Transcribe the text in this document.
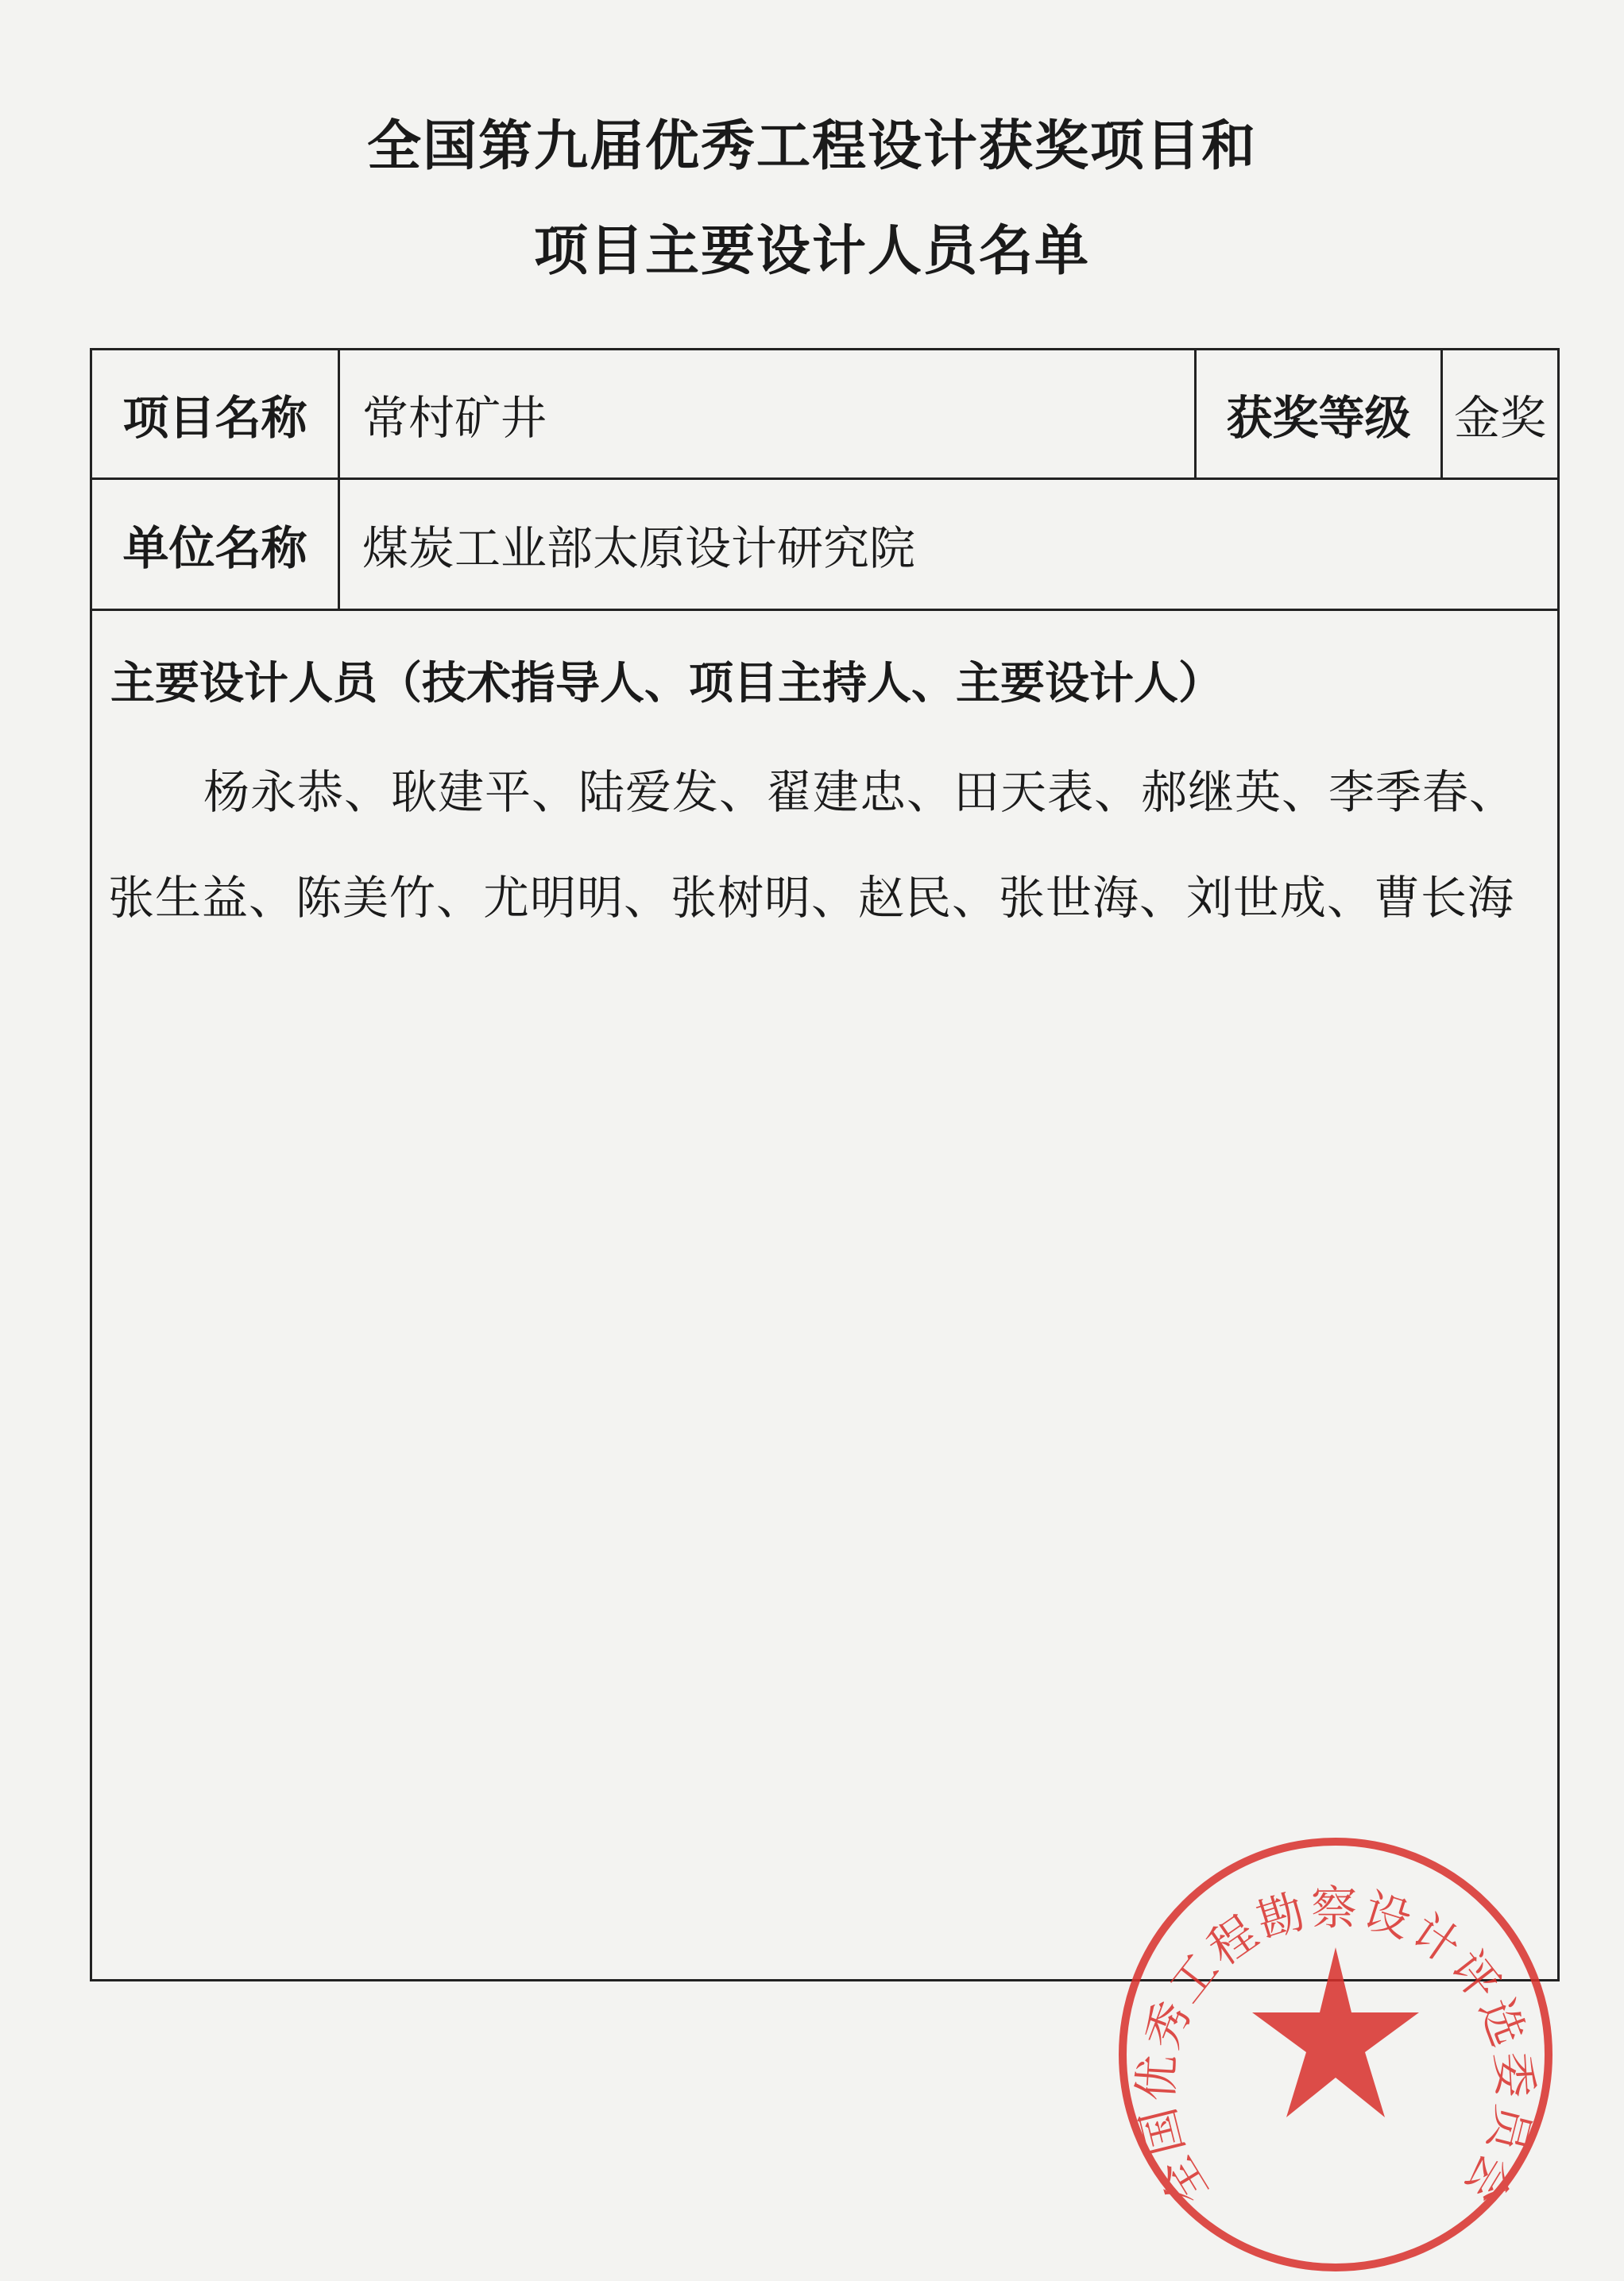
全国第九届优秀工程设计获奖项目和
项目主要设计人员名单
项目名称	常村矿井	获奖等级 金奖
单位名称	煤炭工业部太原设计研究院
主要设计人员（技术指导人、项目主持人、主要设计人）
杨永恭、耿建平、陆爱发、翟建忠、田天表、郝继英、李季春、张生益、陈美竹、尤明明、张树明、赵民、张世海、刘世成、曹长海
全国优秀工程勘察设计评选委员会
